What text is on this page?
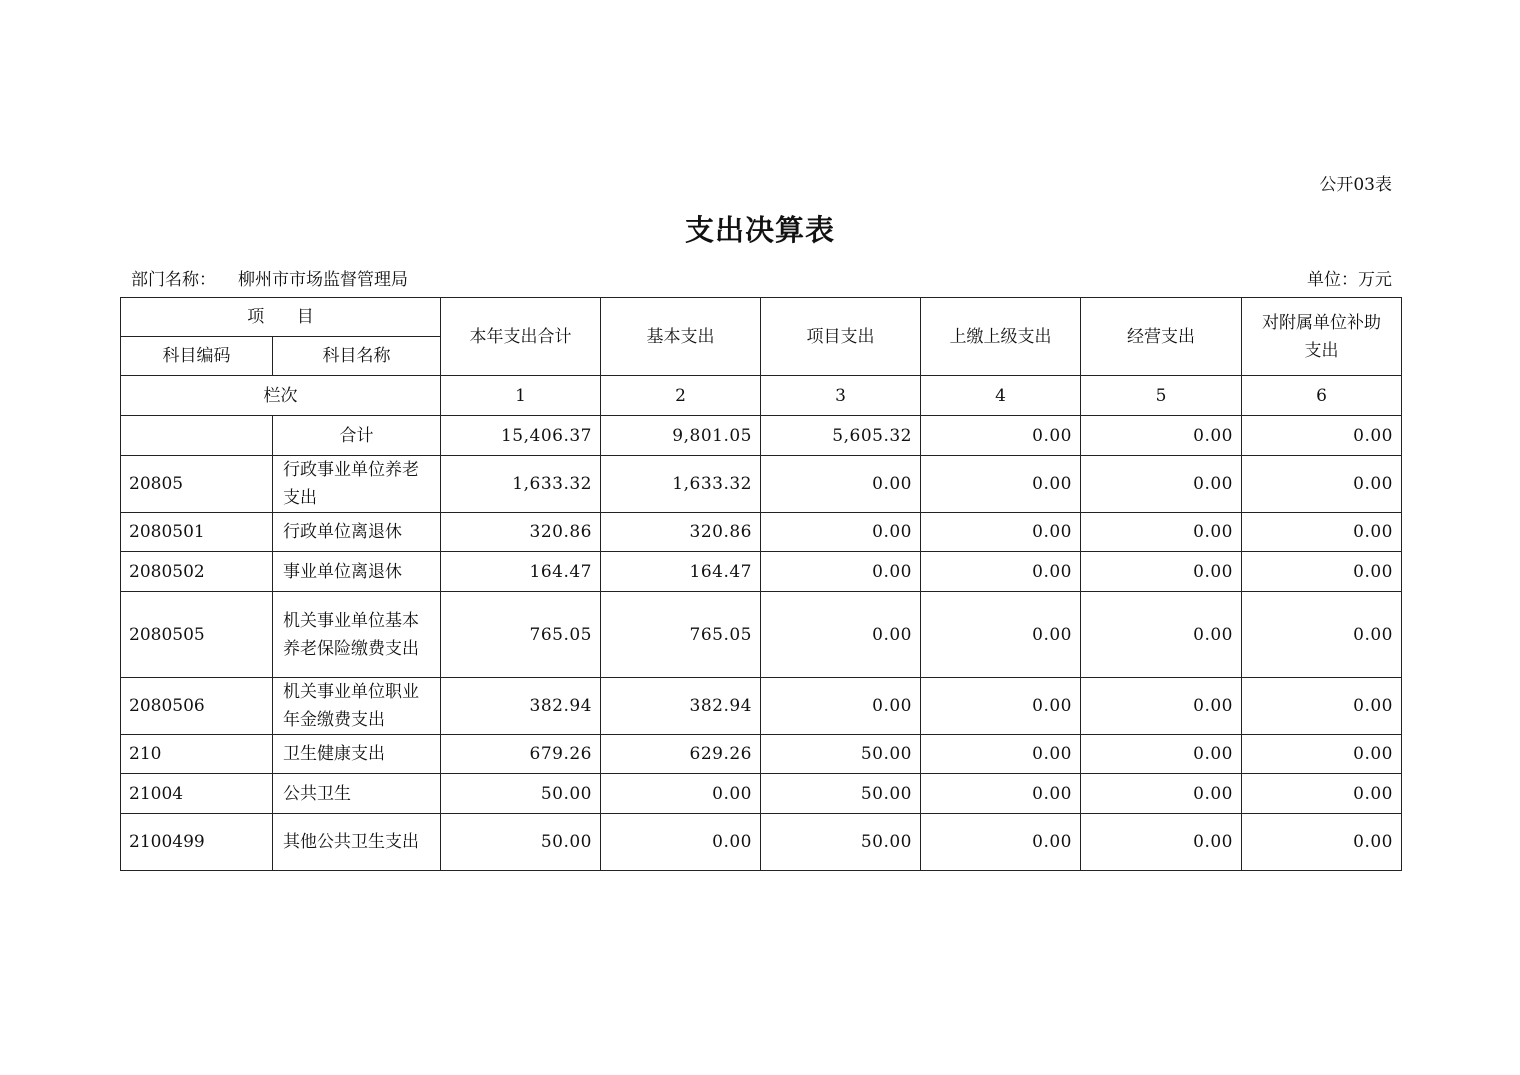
公开03表
支出决算表
部门名称： 柳州市市场监督管理局	单位：万元
项      目		本年支出合计	基本支出	项目支出	上缴上级支出	经营支出	对附属单位补助支出
科目编码	科目名称						
栏次		1	2	3	4	5	6
	合计	15,406.37	9,801.05	5,605.32	0.00	0.00	0.00
20805	行政事业单位养老支出	1,633.32	1,633.32	0.00	0.00	0.00	0.00
2080501	行政单位离退休	320.86	320.86	0.00	0.00	0.00	0.00
2080502	事业单位离退休	164.47	164.47	0.00	0.00	0.00	0.00
2080505	机关事业单位基本养老保险缴费支出	765.05	765.05	0.00	0.00	0.00	0.00
2080506	机关事业单位职业年金缴费支出	382.94	382.94	0.00	0.00	0.00	0.00
210	卫生健康支出	679.26	629.26	50.00	0.00	0.00	0.00
21004	公共卫生	50.00	0.00	50.00	0.00	0.00	0.00
2100499	其他公共卫生支出	50.00	0.00	50.00	0.00	0.00	0.00
